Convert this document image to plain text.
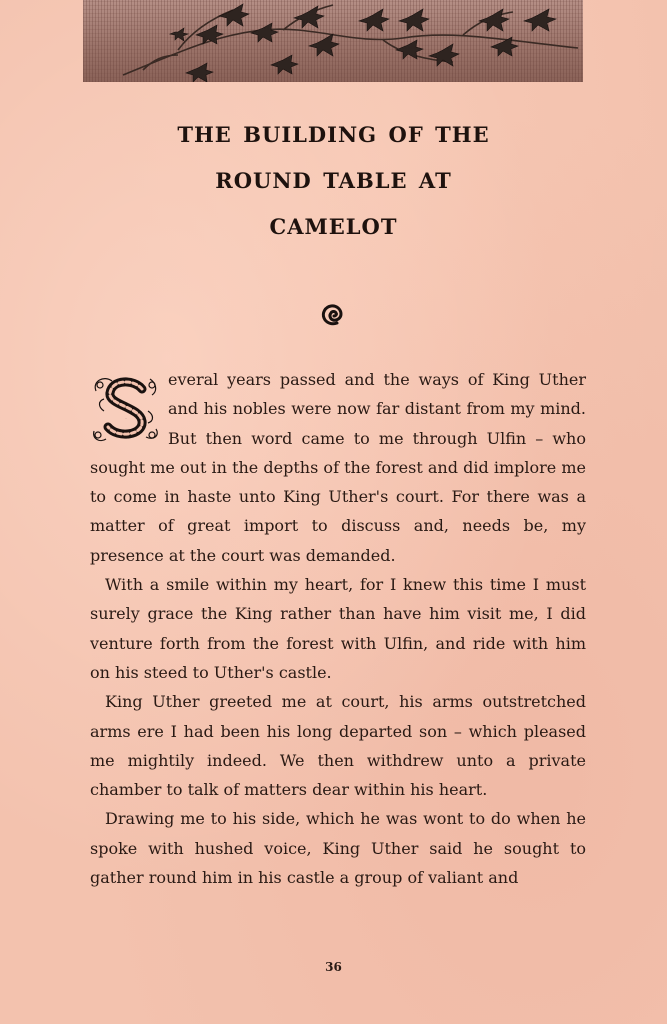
the building of the
round table at
camelot

S
everal years passed and the ways of King Uther and his nobles were now far distant from my mind. But then word came to me through Ulfin – who sought me out in the depths of the forest and did implore me to come in haste unto King Uther's court. For there was a matter of great import to discuss and, needs be, my presence at the court was demanded.

With a smile within my heart, for I knew this time I must surely grace the King rather than have him visit me, I did venture forth from the forest with Ulfin, and ride with him on his steed to Uther's castle.

King Uther greeted me at court, his arms outstretched arms ere I had been his long departed son – which pleased me mightily indeed. We then withdrew unto a private chamber to talk of matters dear within his heart.

Drawing me to his side, which he was wont to do when he spoke with hushed voice, King Uther said he sought to gather round him in his castle a group of valiant and

36
